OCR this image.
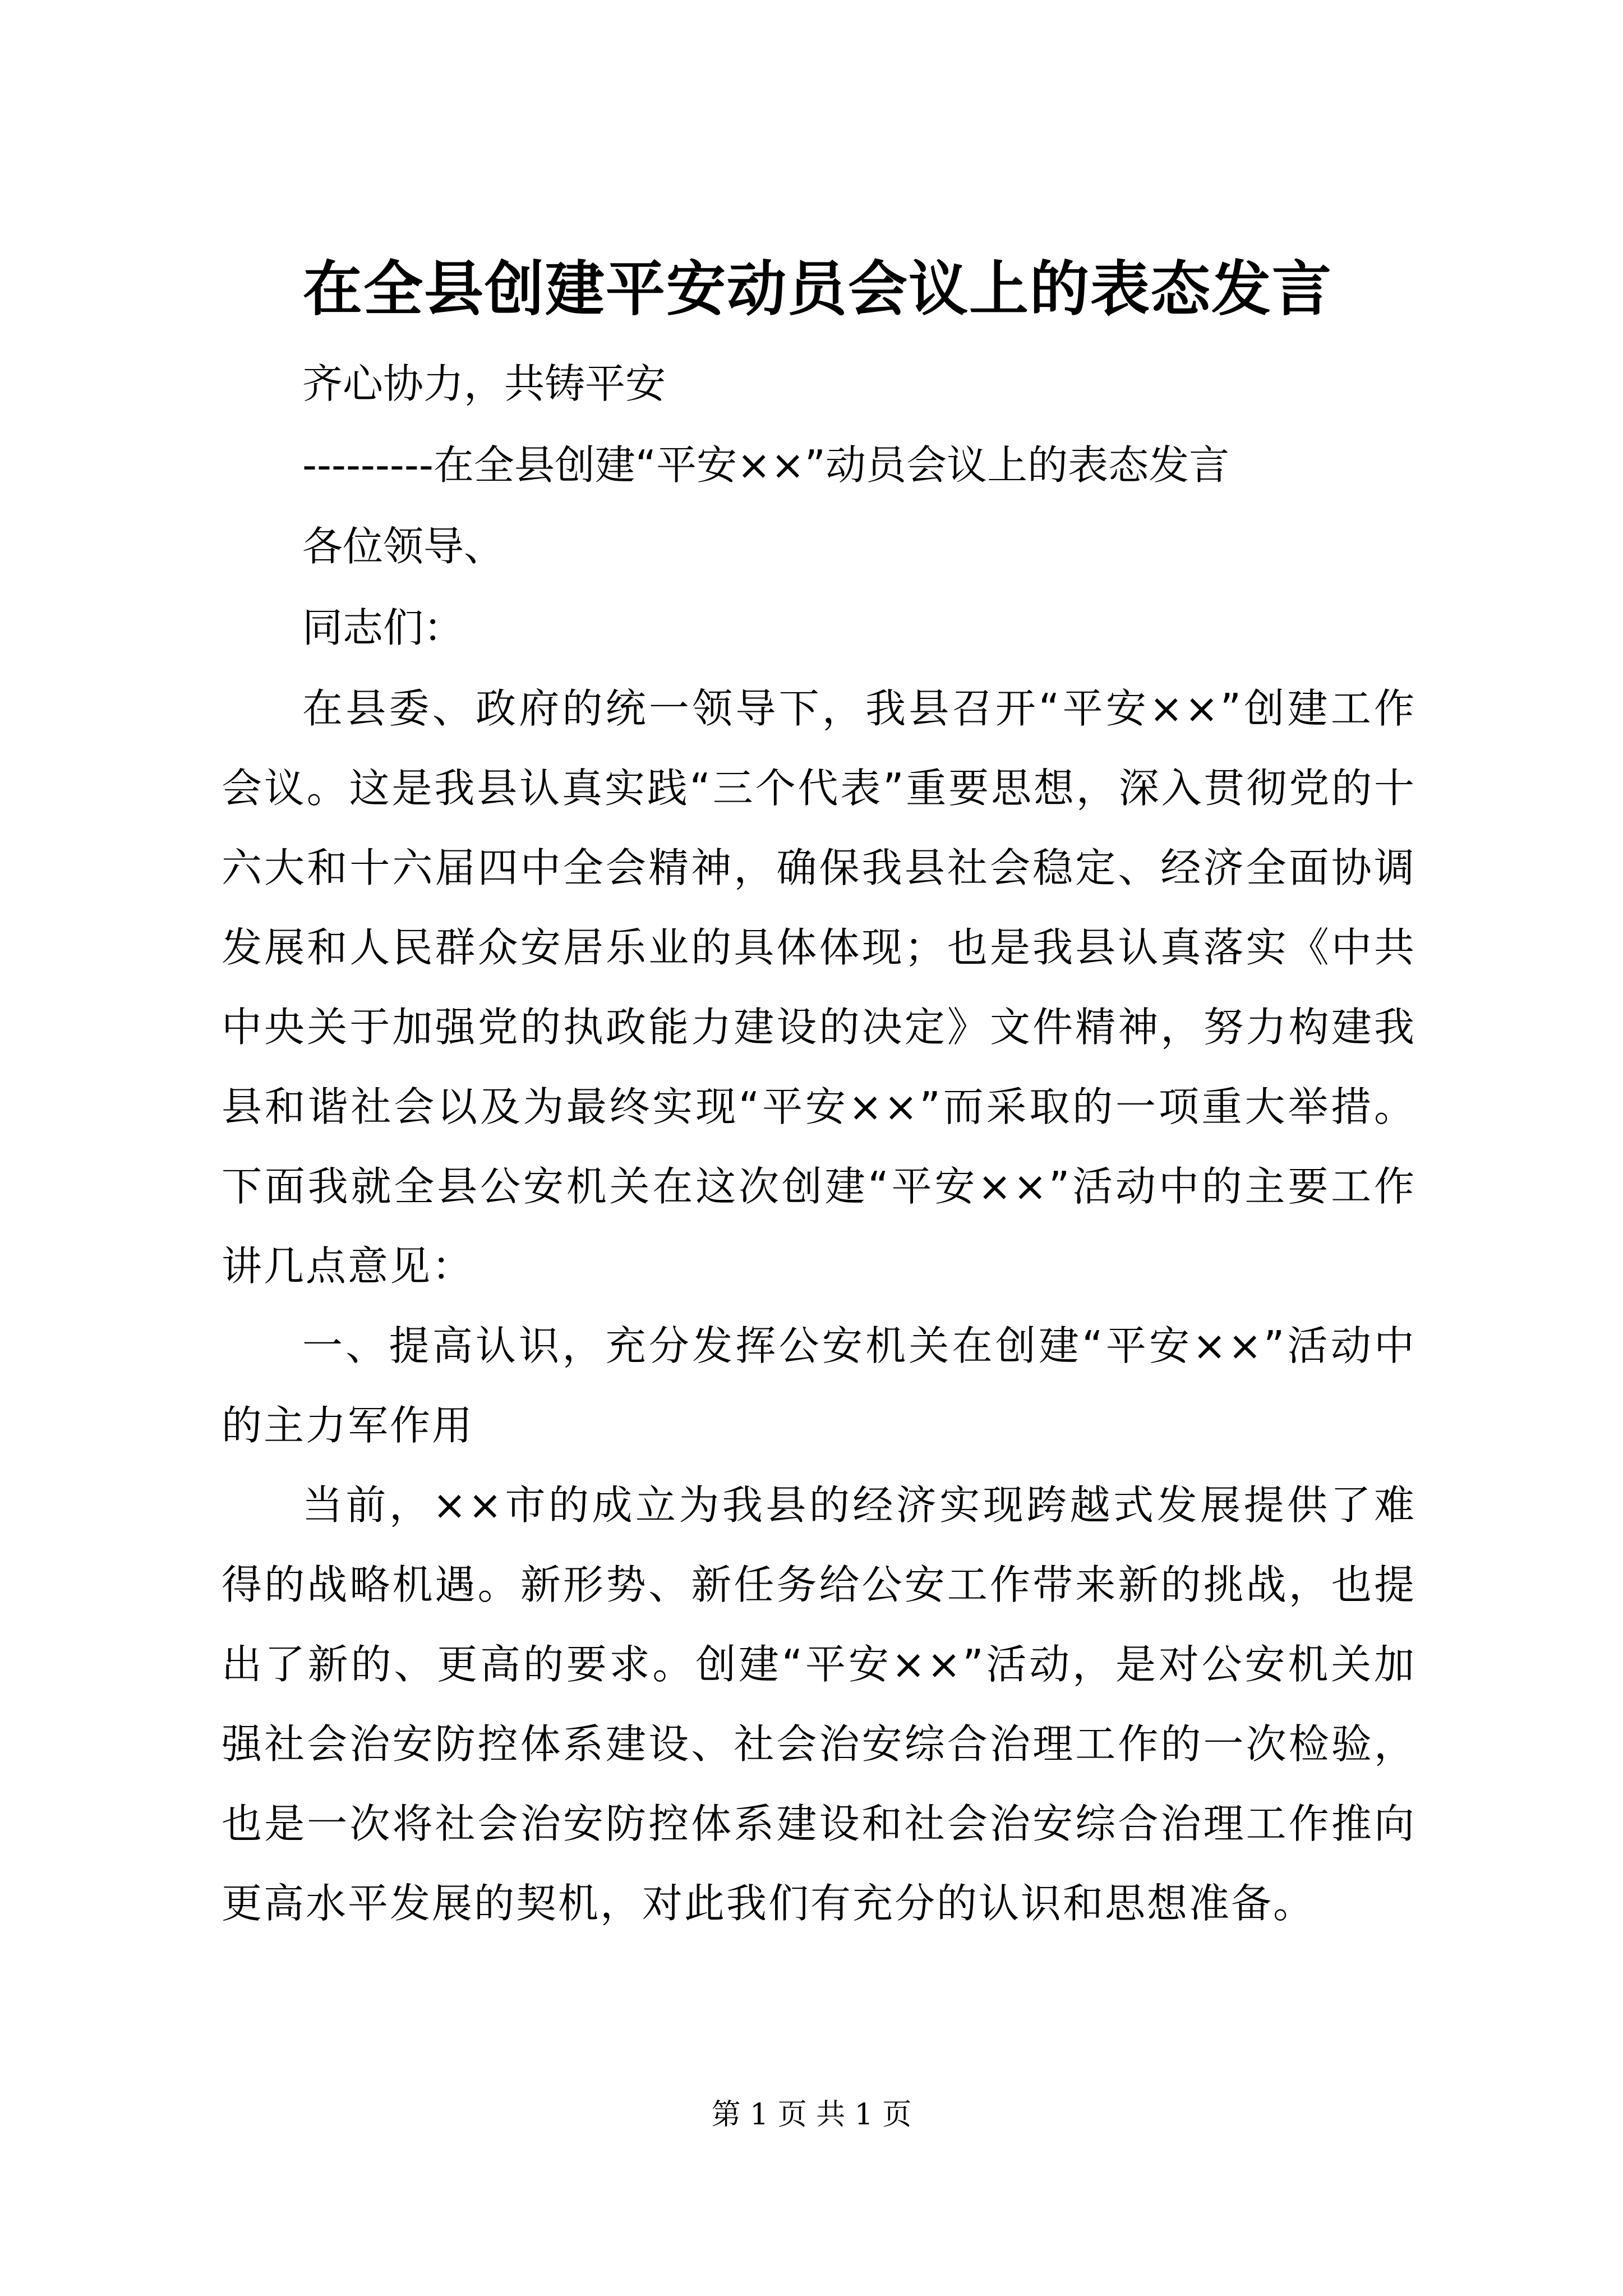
在全县创建平安动员会议上的表态发言

齐心协力，共铸平安

---------在全县创建“平安××”动员会议上的表态发言

各位领导、

同志们：

在县委、政府的统一领导下，我县召开“平安××”创建工作会议。这是我县认真实践“三个代表”重要思想，深入贯彻党的十六大和十六届四中全会精神，确保我县社会稳定、经济全面协调发展和人民群众安居乐业的具体体现；也是我县认真落实《中共中央关于加强党的执政能力建设的决定》文件精神，努力构建我县和谐社会以及为最终实现“平安××”而采取的一项重大举措。下面我就全县公安机关在这次创建“平安××”活动中的主要工作讲几点意见：

一、提高认识，充分发挥公安机关在创建“平安××”活动中的主力军作用

当前，××市的成立为我县的经济实现跨越式发展提供了难得的战略机遇。新形势、新任务给公安工作带来新的挑战，也提出了新的、更高的要求。创建“平安××”活动，是对公安机关加强社会治安防控体系建设、社会治安综合治理工作的一次检验，也是一次将社会治安防控体系建设和社会治安综合治理工作推向更高水平发展的契机，对此我们有充分的认识和思想准备。

第 1 页 共 1 页
